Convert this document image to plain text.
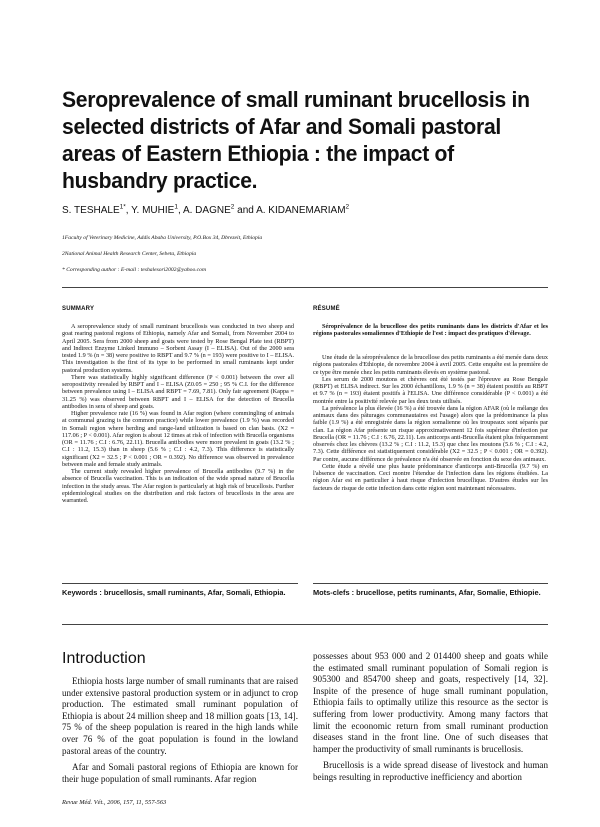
Seroprevalence of small ruminant brucellosis in selected districts of Afar and Somali pastoral areas of Eastern Ethiopia : the impact of husbandry practice.
S. $TESHALE^{1*}$, Y. MUHIE$^1$, A. DAGNE$^2$ and A. KIDANEMARIAM$^2$
1Faculty of Veterinary Medicine, Addis Ababa University, P.O.Box 34, Dbrezeit, Ethiopia
2National Animal Health Research Center, Sebeta, Ethiopia
* Corresponding author : E-mail : teshalesori2002@yahoo.com
SUMMARY

A seroprevalence study of small ruminant brucellosis was conducted in two sheep and goat rearing pastoral regions of Ethiopia, namely Afar and Somali, from November 2004 to April 2005. Sera from 2000 sheep and goats were tested by Rose Bengal Plate test (RBPT) and Indirect Enzyme Linked Immuno – Sorbent Assay (I – ELISA). Out of the 2000 sera tested 1.9 % (n = 38) were positive to RBPT and 9.7 % (n = 193) were positive to I – ELISA. This investigation is the first of its type to be performed in small ruminants kept under pastoral production systems.

There was statistically highly significant difference (P < 0.001) between the over all seropositivity revealed by RBPT and I – ELISA (Z0.05 = 250 ; 95 % C.I. for the difference between prevalence using I – ELISA and RBPT = 7.69, 7.81). Only fair agreement (Kappa = 31.25 %) was observed between RBPT and I – ELISA for the detection of Brucella antibodies in sera of sheep and goats.

Higher prevalence rate (16 %) was found in Afar region (where commingling of animals at communal grazing is the common practice) while lower prevalence (1.9 %) was recorded in Somali region where herding and range-land utilization is based on clan basis. (X2 = 117.06 ; P < 0.001). Afar region is about 12 times at risk of infection with Brucella organisms (OR = 11.76 ; C.I : 6.76, 22.11). Brucella antibodies were more prevalent in goats (13.2 % ; C.I : 11.2, 15.3) than in sheep (5.6 % ; C.I : 4.2, 7.3). This difference is statistically significant (X2 = 32.5 ; P < 0.001 ; OR = 0.392). No difference was observed in prevalence between male and female study animals.

The current study revealed higher prevalence of Brucella antibodies (9.7 %) in the absence of Brucella vaccination. This is an indication of the wide spread nature of Brucella infection in the study areas. The Afar region is particularly at high risk of brucellosis. Further epidemiological studies on the distribution and risk factors of brucellosis in the area are warranted.

Keywords : brucellosis, small ruminants, Afar, Somali, Ethiopia.
RÉSUMÉ
Séroprévalence de la brucellose des petits ruminants dans les districts d'Afar et les régions pastorales somaliennes d'Ethiopie de l'est : impact des pratiques d'élevage.

Une étude de la séroprévalence de la brucellose des petits ruminants a été menée dans deux régions pastorales d'Ethiopie, de novembre 2004 à avril 2005. Cette enquête est la première de ce type être menée chez les petits ruminants élevés en système pastoral.

Les serum de 2000 moutons et chèvres ont été testés par l'épreuve au Rose Bengale (RBPT) et ELISA indirect. Sur les 2000 échantillons, 1.9 % (n = 38) étaient positifs au RBPT et 9.7 % (n = 193) étaient positifs à l'ELISA. Une différence considérable (P < 0.001) a été montrée entre la positivité relevée par les deux tests utilisés.

La prévalence la plus élevée (16 %) a été trouvée dans la région AFAR (où le mélange des animaux dans des pâturages communautaires est l'usage) alors que la prédominance la plus faible (1.9 %) a été enregistrée dans la région somalienne où les troupeaux sont séparés par clan. La région Afar présente un risque approximativement 12 fois supérieur d'infection par Brucella (OR = 11.76 ; C.I : 6.76, 22.11). Les anticorps anti-Brucella étaient plus fréquemment observés chez les chèvres (13.2 % ; C.I : 11.2, 15.3) que chez les moutons (5.6 % ; C.I : 4.2, 7.3). Cette différence est statistiquement considérable (X2 = 32.5 ; P < 0.001 ; OR = 0.392). Par contre, aucune différence de prévalence n'a été observée en fonction du sexe des animaux.

Cette étude a révélé une plus haute prédominance d'anticorps anti-Brucella (9.7 %) en l'absence de vaccination. Ceci montre l'étendue de l'infection dans les régions étudiées. La région Afar est en particulier à haut risque d'infection brucellique. D'autres études sur les facteurs de risque de cette infection dans cette région sont maintenant nécessaires.

Mots-clefs : brucellose, petits ruminants, Afar, Somalie, Ethiopie.
Introduction

Ethiopia hosts large number of small ruminants that are raised under extensive pastoral production system or in adjunct to crop production. The estimated small ruminant population of Ethiopia is about 24 million sheep and 18 million goats [13, 14]. 75 % of the sheep population is reared in the high lands while over 76 % of the goat population is found in the lowland pastoral areas of the country.

Afar and Somali pastoral regions of Ethiopia are known for their huge population of small ruminants. Afar region

possesses about 953 000 and 2 014400 sheep and goats while the estimated small ruminant population of Somali region is 905300 and 854700 sheep and goats, respectively [14, 32]. Inspite of the presence of huge small ruminant population, Ethiopia fails to optimally utilize this resource as the sector is suffering from lower productivity. Among many factors that limit the ecoonomic return from small ruminant production diseases stand in the front line. One of such diseases that hamper the productivity of small ruminants is brucellosis.

Brucellosis is a wide spread disease of livestock and human beings resulting in reproductive inefficiency and abortion

Revue Méd. Vét., 2006, 157, 11, 557-563
